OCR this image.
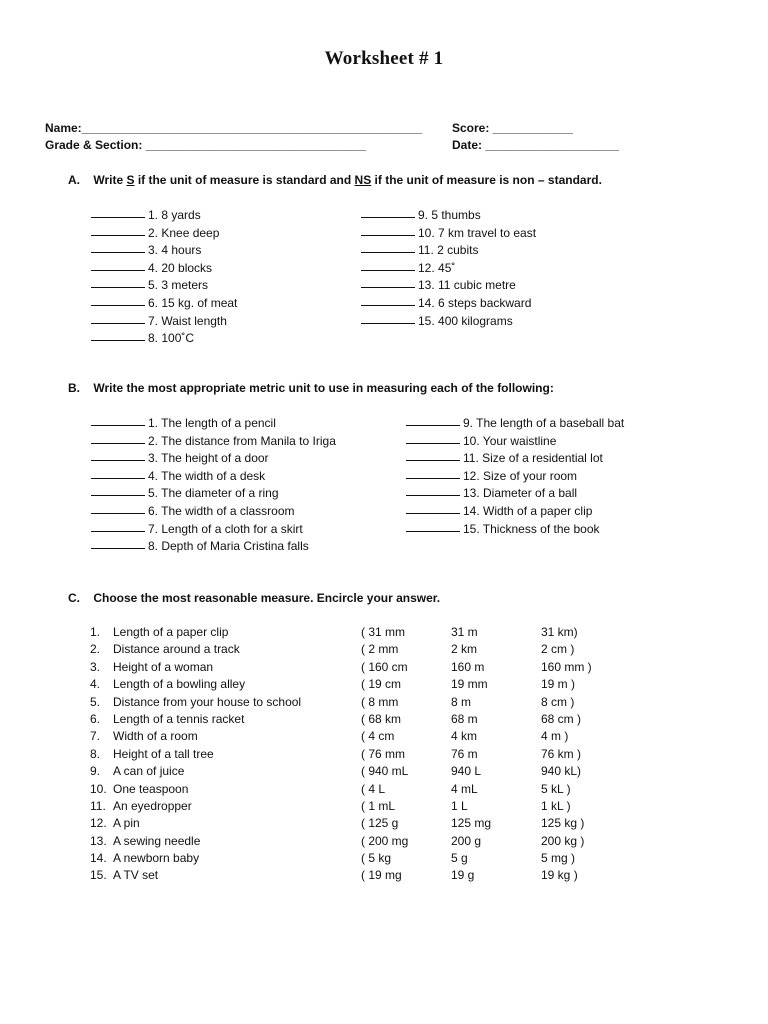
Worksheet # 1
Name:___________________________________________________ Score: ____________
Grade & Section: _________________________________	Date: ____________________
A. Write S if the unit of measure is standard and NS if the unit of measure is non – standard.
1. 8 yards
2. Knee deep
3. 4 hours
4. 20 blocks
5. 3 meters
6. 15 kg. of meat
7. Waist length
8. 100˚C
9. 5 thumbs
10. 7 km travel to east
11. 2 cubits
12. 45˚
13. 11 cubic metre
14. 6 steps backward
15. 400 kilograms
B. Write the most appropriate metric unit to use in measuring each of the following:
1. The length of a pencil
2. The distance from Manila to Iriga
3. The height of a door
4. The width of a desk
5. The diameter of a ring
6. The width of a classroom
7. Length of a cloth for a skirt
8. Depth of Maria Cristina falls
9. The length of a baseball bat
10. Your waistline
11. Size of a residential lot
12. Size of your room
13. Diameter of a ball
14. Width of a paper clip
15. Thickness of the book
C. Choose the most reasonable measure. Encircle your answer.
1. Length of a paper clip	( 31 mm	31 m	31 km)
2. Distance around a track	( 2 mm	2 km	2 cm )
3. Height of a woman	( 160 cm	160 m	160 mm )
4. Length of a bowling alley	( 19 cm	19 mm	19 m )
5. Distance from your house to school	( 8 mm	8 m	8 cm )
6. Length of a tennis racket	( 68 km	68 m	68 cm )
7. Width of a room	( 4 cm	4 km	4 m )
8. Height of a tall tree	( 76 mm	76 m	76 km )
9. A can of juice	( 940 mL	940 L	940 kL)
10. One teaspoon	( 4 L	4 mL	5 kL )
11. An eyedropper	( 1 mL	1 L	1 kL )
12. A pin	( 125 g	125 mg	125 kg )
13. A sewing needle	( 200 mg	200 g	200 kg )
14. A newborn baby	( 5 kg	5 g	5 mg )
15. A TV set	( 19 mg	19 g	19 kg )
